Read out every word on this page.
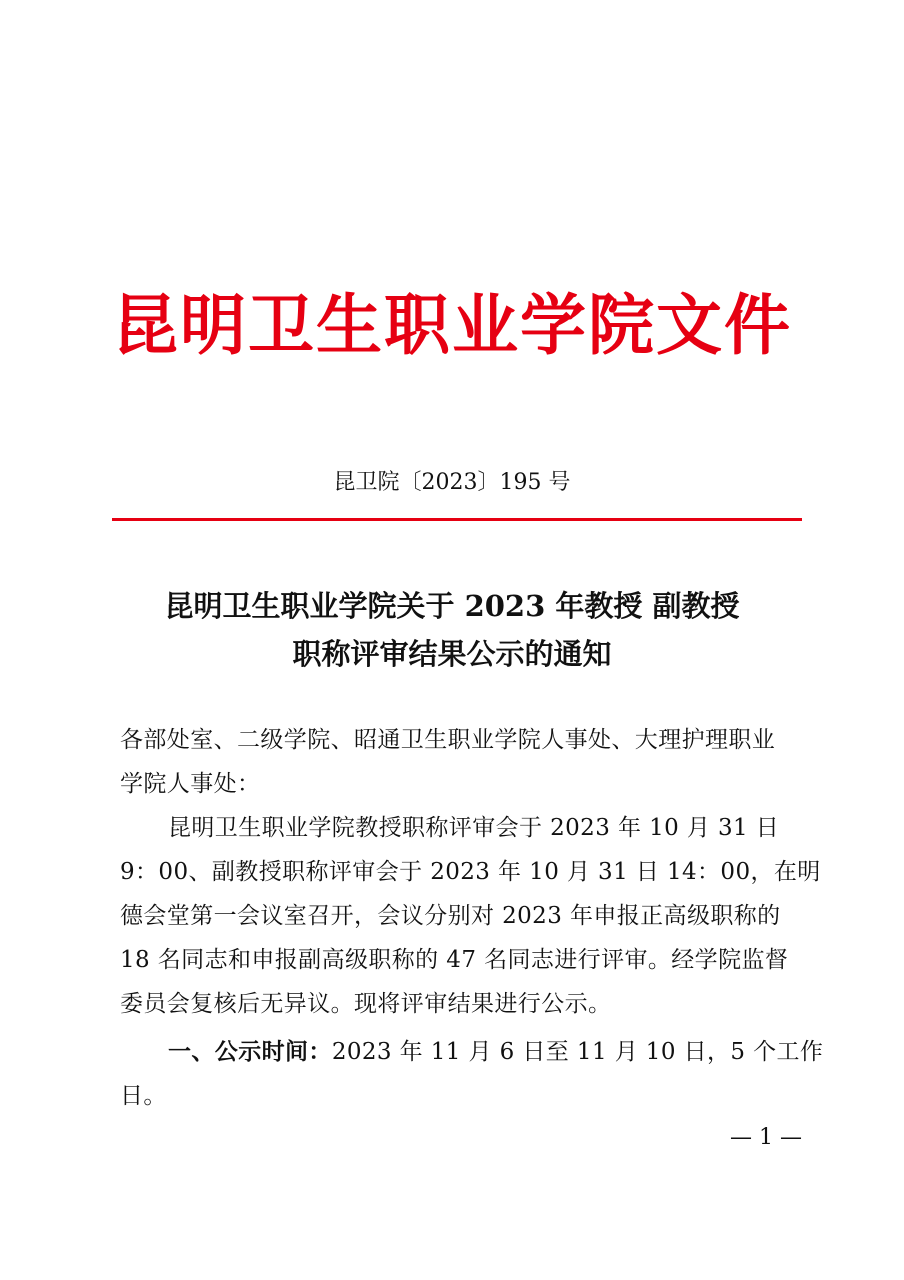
昆明卫生职业学院文件
昆卫院〔2023〕195 号
昆明卫生职业学院关于 2023 年教授 副教授
职称评审结果公示的通知
各部处室、二级学院、昭通卫生职业学院人事处、大理护理职业
学院人事处：
昆明卫生职业学院教授职称评审会于 2023 年 10 月 31 日
9：00、副教授职称评审会于 2023 年 10 月 31 日 14：00，在明
德会堂第一会议室召开，会议分别对 2023 年申报正高级职称的
18 名同志和申报副高级职称的 47 名同志进行评审。经学院监督
委员会复核后无异议。现将评审结果进行公示。
一、公示时间：2023 年 11 月 6 日至 11 月 10 日，5 个工作
日。
— 1 —
